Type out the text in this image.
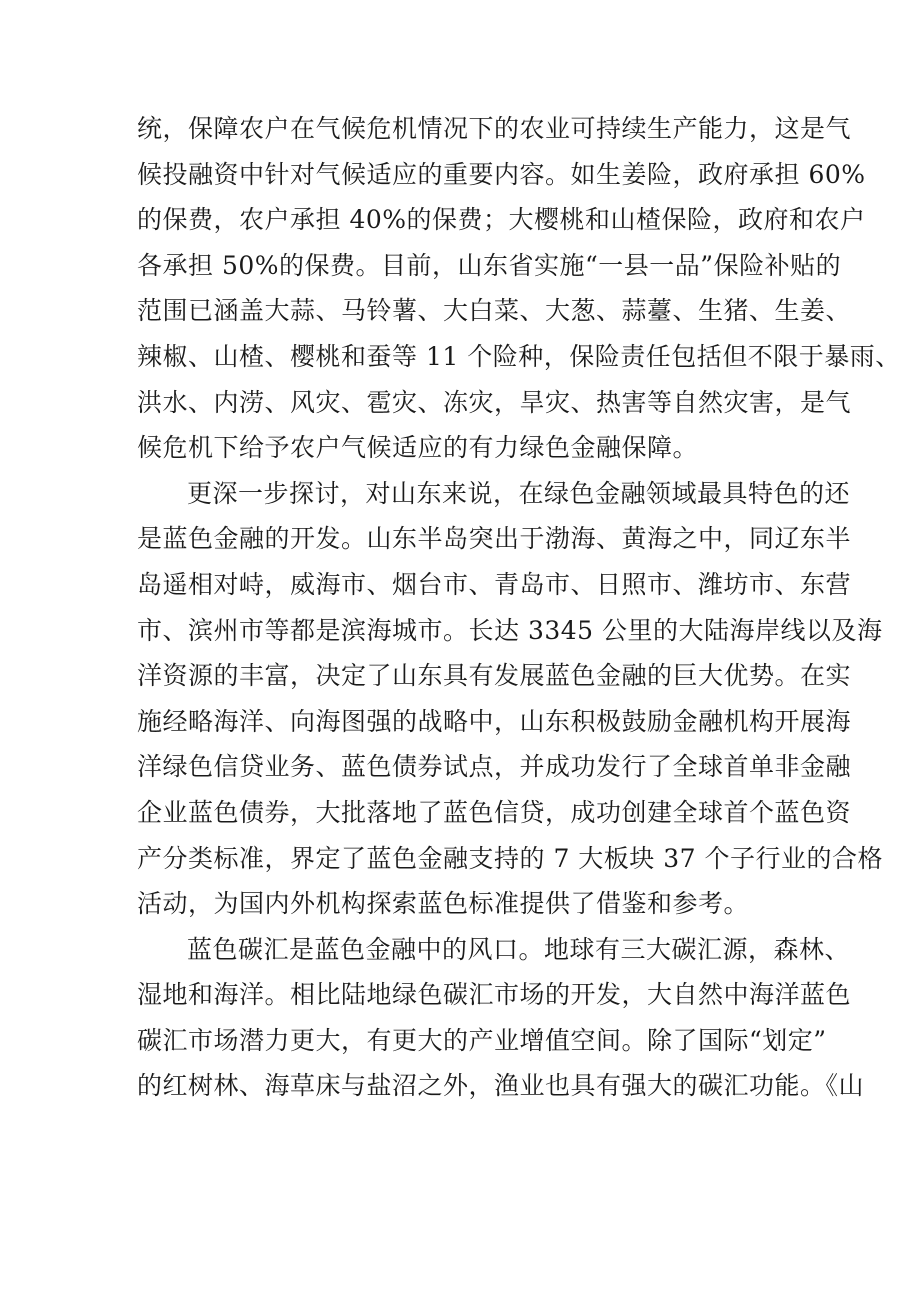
统，保障农户在气候危机情况下的农业可持续生产能力，这是气
候投融资中针对气候适应的重要内容。如生姜险，政府承担 60%
的保费，农户承担 40%的保费；大樱桃和山楂保险，政府和农户
各承担 50%的保费。目前，山东省实施“一县一品”保险补贴的
范围已涵盖大蒜、马铃薯、大白菜、大葱、蒜薹、生猪、生姜、
辣椒、山楂、樱桃和蚕等 11 个险种，保险责任包括但不限于暴雨、
洪水、内涝、风灾、雹灾、冻灾，旱灾、热害等自然灾害，是气
候危机下给予农户气候适应的有力绿色金融保障。
更深一步探讨，对山东来说，在绿色金融领域最具特色的还
是蓝色金融的开发。山东半岛突出于渤海、黄海之中，同辽东半
岛遥相对峙，威海市、烟台市、青岛市、日照市、潍坊市、东营
市、滨州市等都是滨海城市。长达 3345 公里的大陆海岸线以及海
洋资源的丰富，决定了山东具有发展蓝色金融的巨大优势。在实
施经略海洋、向海图强的战略中，山东积极鼓励金融机构开展海
洋绿色信贷业务、蓝色债券试点，并成功发行了全球首单非金融
企业蓝色债券，大批落地了蓝色信贷，成功创建全球首个蓝色资
产分类标准，界定了蓝色金融支持的 7 大板块 37 个子行业的合格
活动，为国内外机构探索蓝色标准提供了借鉴和参考。
蓝色碳汇是蓝色金融中的风口。地球有三大碳汇源，森林、
湿地和海洋。相比陆地绿色碳汇市场的开发，大自然中海洋蓝色
碳汇市场潜力更大，有更大的产业增值空间。除了国际“划定”
的红树林、海草床与盐沼之外，渔业也具有强大的碳汇功能。《山
